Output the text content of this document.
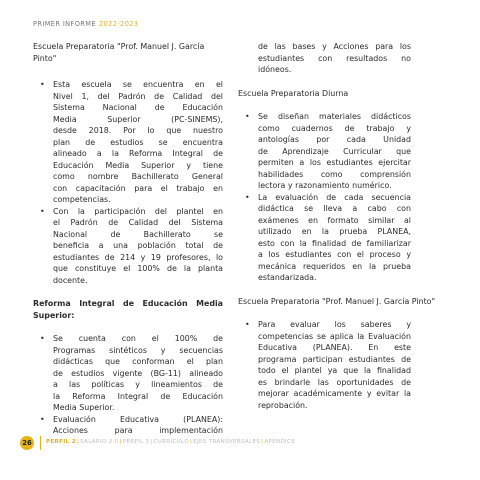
PRIMER INFORME 2022-2023
Escuela Preparatoria "Prof. Manuel J. García Pinto"
• Esta escuela se encuentra en el
Nivel 1, del Padrón de Calidad del
Sistema Nacional de Educación
Media Superior (PC-SINEMS),
desde 2018. Por lo que nuestro
plan de estudios se encuentra
alineado a la Reforma Integral de
Educación Media Superior y tiene
como nombre Bachillerato General
con capacitación para el trabajo en
competencias.
• Con la participación del plantel en
el Padrón de Calidad del Sistema
Nacional de Bachillerato se
beneficia a una población total de
estudiantes de 214 y 19 profesores, lo
que constituye el 100% de la planta
docente.
Reforma Integral de Educación Media
Superior:
• Se cuenta con el 100% de
Programas sintéticos y secuencias
didácticas que conforman el plan
de estudios vigente (BG-11) alineado
a las políticas y lineamientos de
la Reforma Integral de Educación
Media Superior.
• Evaluación Educativa (PLANEA):
Acciones para implementación
de las bases y Acciones para los
estudiantes con resultados no
idóneos.
Escuela Preparatoria Diurna
• Se diseñan materiales didácticos
como cuadernos de trabajo y
antologías por cada Unidad
de Aprendizaje Curricular que
permiten a los estudiantes ejercitar
habilidades como comprensión
lectora y razonamiento numérico.
• La evaluación de cada secuencia
didáctica se lleva a cabo con
exámenes en formato similar al
utilizado en la prueba PLANEA,
esto con la finalidad de familiarizar
a los estudiantes con el proceso y
mecánica requeridos en la prueba
estandarizada.
Escuela Preparatoria "Prof. Manuel J. García Pinto"
• Para evaluar los saberes y
competencias se aplica la Evaluación
Educativa (PLANEA). En este
programa participan estudiantes de
todo el plantel ya que la finalidad
es brindarle las oportunidades de
mejorar académicamente y evitar la
reprobación.
26	PERFIL 2|SALARIO 2.0|PERFIL 3|CURRÍCULO|EJES TRANSVERSALES|APÉNDICE
